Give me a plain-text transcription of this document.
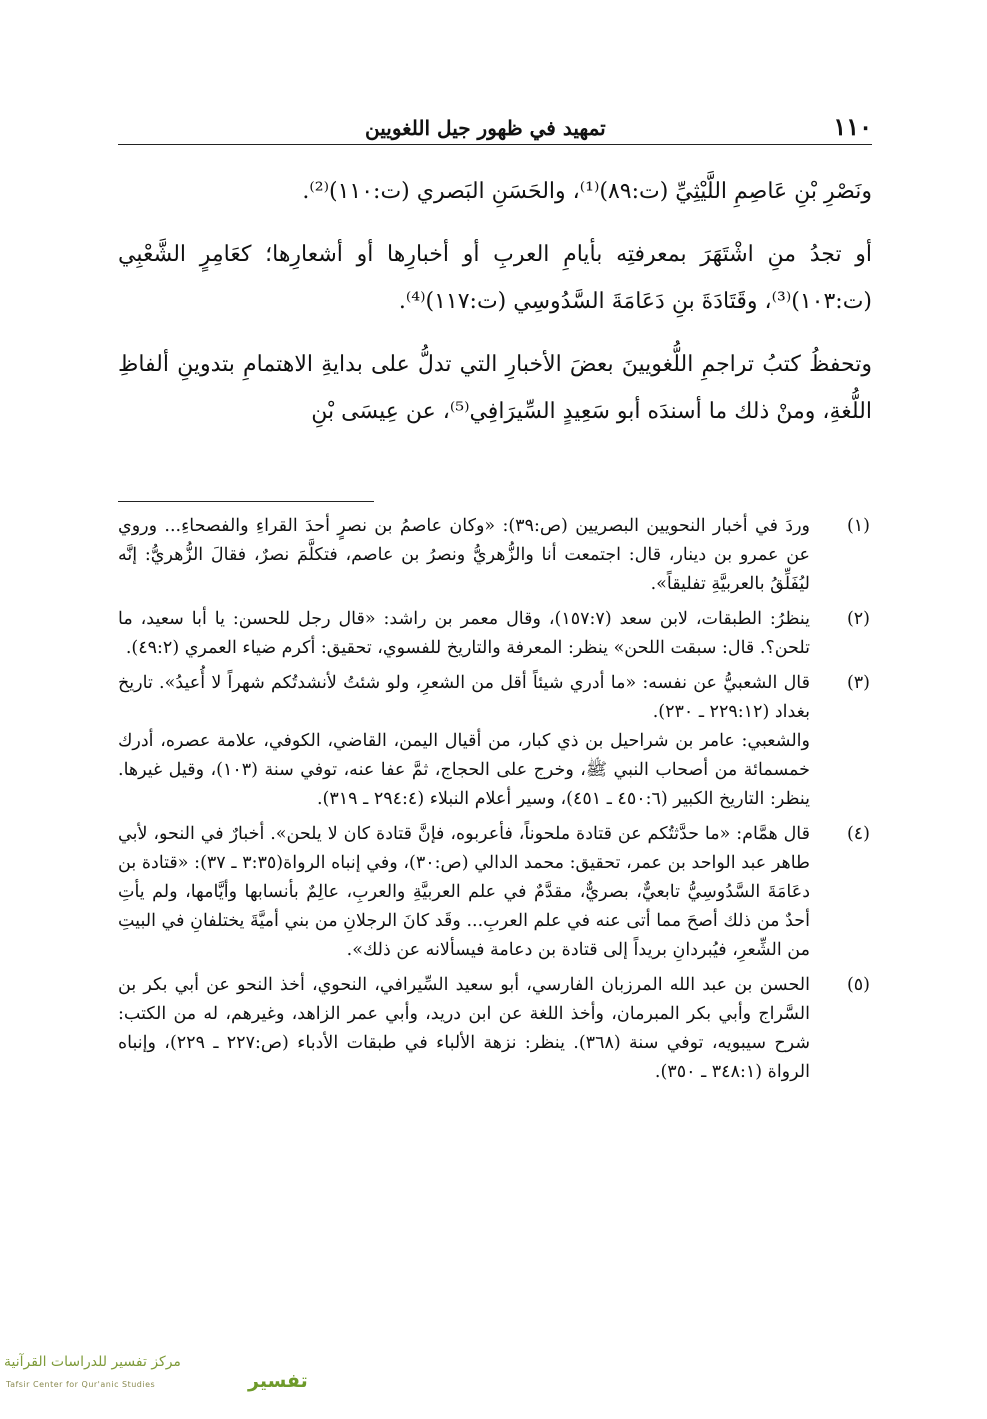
١١٠
تمهيد في ظهور جيل اللغويين

ونَصْرِ بْنِ عَاصِمِ اللَّيْثِيِّ (ت:٨٩)⁽¹⁾، والحَسَنِ البَصري (ت:١١٠)⁽²⁾.

أو تجدُ منِ اشْتَهَرَ بمعرفتِه بأيامِ العربِ أو أخبارِها أو أشعارِها؛ كعَامِرٍ الشَّعْبِي (ت:١٠٣)⁽³⁾، وقَتَادَةَ بنِ دَعَامَةَ السَّدُوسِي (ت:١١٧)⁽⁴⁾.

وتحفظُ كتبُ تراجمِ اللُّغويينَ بعضَ الأخبارِ التي تدلُّ على بدايةِ الاهتمامِ بتدوينِ ألفاظِ اللُّغةِ، ومنْ ذلك ما أسندَه أبو سَعِيدٍ السِّيرَافِي⁽⁵⁾، عن عِيسَى بْنِ

(١)

وردَ في أخبار النحويين البصريين (ص:٣٩): «وكان عاصمُ بن نصرٍ أحدَ القراءِ والفصحاءِ... وروي عن عمرو بن دينار، قال: اجتمعت أنا والزُّهريُّ ونصرُ بن عاصم، فتكلَّمَ نصرٌ، فقالَ الزُّهريُّ: إنَّه ليُفَلِّقُ بالعربيَّةِ تفليقاً».

(٢)

ينظرُ: الطبقات، لابن سعد (١٥٧:٧)، وقال معمر بن راشد: «قال رجل للحسن: يا أبا سعيد، ما تلحن؟. قال: سبقت اللحن» ينظر: المعرفة والتاريخ للفسوي، تحقيق: أكرم ضياء العمري (٤٩:٢).

(٣)

قال الشعبيُّ عن نفسه: «ما أدري شيئاً أقل من الشعرِ، ولو شئتُ لأنشدتُكم شهراً لا أُعيدُ». تاريخ بغداد (٢٢٩:١٢ ـ ٢٣٠).

والشعبي: عامر بن شراحيل بن ذي كبار، من أقيال اليمن، القاضي، الكوفي، علامة عصره، أدرك خمسمائة من أصحاب النبي ﷺ، وخرج على الحجاج، ثمَّ عفا عنه، توفي سنة (١٠٣)، وقيل غيرها. ينظر: التاريخ الكبير (٤٥٠:٦ ـ ٤٥١)، وسير أعلام النبلاء (٢٩٤:٤ ـ ٣١٩).

(٤)

قال همَّام: «ما حدَّثتُكم عن قتادة ملحوناً، فأعربوه، فإنَّ قتادة كان لا يلحن». أخبارٌ في النحو، لأبي طاهر عبد الواحد بن عمر، تحقيق: محمد الدالي (ص:٣٠)، وفي إنباه الرواة(٣:٣٥ ـ ٣٧): «قتادة بن دعَامَةَ السَّدُوسِيُّ تابعيٌّ، بصريٌّ، مقدَّمٌ في علم العربيَّةِ والعربِ، عالِمٌ بأنسابها وأيَّامها، ولم يأتِ أحدٌ من ذلك أصحَ مما أتى عنه في علم العربِ... وقَد كانَ الرجلانِ من بني أميَّةَ يختلفانِ في البيتِ من الشِّعرِ، فيُبردانِ بريداً إلى قتادة بن دعامة فيسألانه عن ذلك».

(٥)

الحسن بن عبد الله المرزبان الفارسي، أبو سعيد السِّيرافي، النحوي، أخذ النحو عن أبي بكر بن السَّراج وأبي بكر المبرمان، وأخذ اللغة عن ابن دريد، وأبي عمر الزاهد، وغيرهم، له من الكتب: شرح سيبويه، توفي سنة (٣٦٨). ينظر: نزهة الألباء في طبقات الأدباء (ص:٢٢٧ ـ ٢٢٩)، وإنباه الرواة (٣٤٨:١ ـ ٣٥٠).

مركز تفسير للدراسات القرآنية
Tafsir Center for Qur'anic Studies	تفسير
